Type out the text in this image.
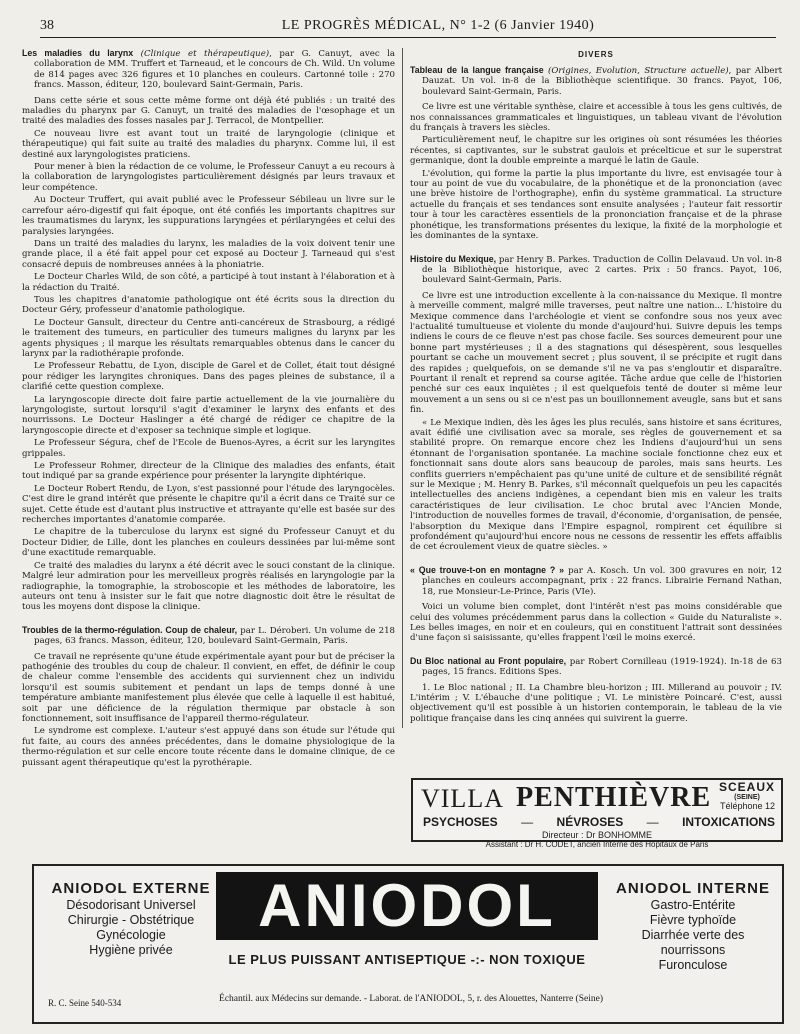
38	LE PROGRÈS MÉDICAL, N° 1-2 (6 Janvier 1940)
Les maladies du larynx (Clinique et thérapeutique), par G. Canuyt, avec la collaboration de MM. Truffert et Tarneaud, et le concours de Ch. Wild. Un volume de 814 pages avec 326 figures et 10 planches en couleurs. Cartonné toile : 270 francs. Masson, éditeur, 120, boulevard Saint-Germain, Paris.

Dans cette série et sous cette même forme ont déjà été publiés : un traité des maladies du pharynx par G. Canuyt, un traité des maladies de l'œsophage et un traité des maladies des fosses nasales par J. Terracol, de Montpellier.

Ce nouveau livre est avant tout un traité de laryngologie (clinique et thérapeutique) qui fait suite au traité des maladies du pharynx. Comme lui, il est destiné aux laryngologistes praticiens.

Pour mener à bien la rédaction de ce volume, le Professeur Canuyt a eu recours à la collaboration de laryngologistes particulièrement désignés par leurs travaux et leur compétence.

Au Docteur Truffert, qui avait publié avec le Professeur Sébileau un livre sur le carrefour aéro-digestif qui fait époque, ont été confiés les importants chapitres sur les traumatismes du larynx, les suppurations laryngées et périlaryngées et celui des paralysies laryngées.

Dans un traité des maladies du larynx, les maladies de la voix doivent tenir une grande place, il a été fait appel pour cet exposé au Docteur J. Tarneaud qui s'est consacré depuis de nombreuses années à la phoniatrie.

Le Docteur Charles Wild, de son côté, a participé à tout instant à l'élaboration et à la rédaction du Traité.

Tous les chapitres d'anatomie pathologique ont été écrits sous la direction du Docteur Géry, professeur d'anatomie pathologique.

Le Docteur Gansult, directeur du Centre anti-cancéreux de Strasbourg, a rédigé le traitement des tumeurs, en particulier des tumeurs malignes du larynx par les agents physiques ; il marque les résultats remarquables obtenus dans le cancer du larynx par la radiothérapie profonde.

Le Professeur Rebattu, de Lyon, disciple de Garel et de Collet, était tout désigné pour rédiger les laryngites chroniques. Dans des pages pleines de substance, il a clarifié cette question complexe.

La laryngoscopie directe doit faire partie actuellement de la vie journalière du laryngologiste, surtout lorsqu'il s'agit d'examiner le larynx des enfants et des nourrissons. Le Docteur Haslinger a été chargé de rédiger ce chapitre de la laryngoscopie directe et d'exposer sa technique simple et logique.

Le Professeur Ségura, chef de l'Ecole de Buenos-Ayres, a écrit sur les laryngites grippales.

Le Professeur Rohmer, directeur de la Clinique des maladies des enfants, était tout indiqué par sa grande expérience pour présenter la laryngite diphtérique.

Le Docteur Robert Rendu, de Lyon, s'est passionné pour l'étude des laryngocèles. C'est dire le grand intérêt que présente le chapitre qu'il a écrit dans ce Traité sur ce sujet. Cette étude est d'autant plus instructive et attrayante qu'elle est basée sur des recherches importantes d'anatomie comparée.

Le chapitre de la tuberculose du larynx est signé du Professeur Canuyt et du Docteur Didier, de Lille, dont les planches en couleurs dessinées par lui-même sont d'une exactitude remarquable.

Ce traité des maladies du larynx a été décrit avec le souci constant de la clinique. Malgré leur admiration pour les merveilleux progrès réalisés en laryngologie par la radiographie, la tomographie, la stroboscopie et les méthodes de laboratoire, les auteurs ont tenu à insister sur le fait que notre diagnostic doit être le résultat de tous les moyens dont dispose la clinique.

Troubles de la thermo-régulation. Coup de chaleur, par L. Déroberi. Un volume de 218 pages, 63 francs. Masson, éditeur, 120, boulevard Saint-Germain, Paris.

Ce travail ne représente qu'une étude expérimentale ayant pour but de préciser la pathogénie des troubles du coup de chaleur. Il convient, en effet, de définir le coup de chaleur comme l'ensemble des accidents qui surviennent chez un individu lorsqu'il est soumis subitement et pendant un laps de temps donné à une température ambiante manifestement plus élevée que celle à laquelle il est habitué, soit par une déficience de la régulation thermique par obstacle à son fonctionnement, soit insuffisance de l'appareil thermo-régulateur.

Le syndrome est complexe. L'auteur s'est appuyé dans son étude sur l'étude qui fut faite, au cours des années précédentes, dans le domaine physiologique de la thermo-régulation et sur celle encore toute récente dans le domaine clinique, de ce puissant agent thérapeutique qu'est la pyrothérapie.

DIVERS
Tableau de la langue française (Origines, Evolution, Structure actuelle), par Albert Dauzat. Un vol. in-8 de la Bibliothèque scientifique. 30 francs. Payot, 106, boulevard Saint-Germain, Paris.

Ce livre est une véritable synthèse, claire et accessible à tous les gens cultivés, de nos connaissances grammaticales et linguistiques, un tableau vivant de l'évolution du français à travers les siècles.

Particulièrement neuf, le chapitre sur les origines où sont résumées les théories récentes, si captivantes, sur le substrat gaulois et précelticue et sur le superstrat germanique, dont la double empreinte a marqué le latin de Gaule.

L'évolution, qui forme la partie la plus importante du livre, est envisagée tour à tour au point de vue du vocabulaire, de la phonétique et de la prononciation (avec une brève histoire de l'orthographe), enfin du système grammatical. La structure actuelle du français et ses tendances sont ensuite analysées ; l'auteur fait ressortir tour à tour les caractères essentiels de la prononciation française et de la phrase phonétique, les transformations présentes du lexique, la fixité de la morphologie et les dominantes de la syntaxe.

Histoire du Mexique, par Henry B. Parkes. Traduction de Collin Delavaud. Un vol. in-8 de la Bibliothèque historique, avec 2 cartes. Prix : 50 francs. Payot, 106, boulevard Saint-Germain, Paris.

Ce livre est une introduction excellente à la con-naissance du Mexique. Il montre à merveille comment, malgré mille traverses, peut naître une nation... L'histoire du Mexique commence dans l'archéologie et vient se confondre sous nos yeux avec l'actualité tumultueuse et violente du monde d'aujourd'hui. Suivre depuis les temps indiens le cours de ce fleuve n'est pas chose facile. Ses sources demeurent pour une bonne part mystérieuses ; il a des stagnations qui désespèrent, sous lesquelles pourtant se cache un mouvement secret ; plus souvent, il se précipite et rugit dans des rapides ; quelquefois, on se demande s'il ne va pas s'engloutir et disparaître. Pourtant il renaît et reprend sa course agitée. Tâche ardue que celle de l'historien penché sur ces eaux inquiètes ; il est quelquefois tenté de douter si même leur mouvement a un sens ou si ce n'est pas un bouillonnement aveugle, sans but et sans fin.

« Le Mexique indien, dès les âges les plus reculés, sans histoire et sans écritures, avait édifié une civilisation avec sa morale, ses règles de gouvernement et sa stabilité propre. On remarque encore chez les Indiens d'aujourd'hui un sens étonnant de l'organisation spontanée. La machine sociale fonctionne chez eux et fonctionnait sans doute alors sans beaucoup de paroles, mais sans heurts. Les conflits guerriers n'empêchaient pas qu'une unité de culture et de sensibilité régnât sur le Mexique ; M. Henry B. Parkes, s'il méconnaît quelquefois un peu les capacités intellectuelles des anciens indigènes, a cependant bien mis en valeur les traits caractéristiques de leur civilisation. Le choc brutal avec l'Ancien Monde, l'introduction de nouvelles formes de travail, d'économie, d'organisation, de pensée, l'absorption du Mexique dans l'Empire espagnol, rompirent cet équilibre si profondément qu'aujourd'hui encore nous ne cessons de ressentir les effets affaiblis de cet écroulement vieux de quatre siècles. »

« Que trouve-t-on en montagne ? » par A. Kosch. Un vol. 300 gravures en noir, 12 planches en couleurs accompagnant, prix : 22 francs. Librairie Fernand Nathan, 18, rue Monsieur-Le-Prince, Paris (VIe).

Voici un volume bien complet, dont l'intérêt n'est pas moins considérable que celui des volumes précédemment parus dans la collection « Guide du Naturaliste ». Les belles images, en noir et en couleurs, qui en constituent l'attrait sont dessinées d'une façon si saisissante, qu'elles frappent l'œil le moins exercé.

Du Bloc national au Front populaire, par Robert Cornilleau (1919-1924). In-18 de 63 pages, 15 francs. Editions Spes.

1. Le Bloc national ; II. La Chambre bleu-horizon ; III. Millerand au pouvoir ; IV. L'intérim ; V. L'ébauche d'une politique ; VI. Le ministère Poincaré. C'est, aussi objectivement qu'il est possible à un historien contemporain, le tableau de la vie politique française dans les cinq années qui suivirent la guerre.

VILLA PENTHIÈVRE SCEAUX
(SEINE)
Téléphone 12
PSYCHOSES — NÉVROSES — INTOXICATIONS
Directeur : Dr BONHOMME
Assistant : Dr H. CODET, ancien Interne des Hôpitaux de Paris
ANIODOL EXTERNE
Désodorisant Universel
Chirurgie - Obstétrique
Gynécologie
Hygiène privée
ANIODOL
LE PLUS PUISSANT ANTISEPTIQUE -:- NON TOXIQUE
ANIODOL INTERNE
Gastro-Entérite
Fièvre typhoïde
Diarrhée verte des nourrissons
Furonculose
Échantil. aux Médecins sur demande. - Laborat. de l'ANIODOL, 5, r. des Alouettes, Nanterre (Seine)
R. C. Seine 540-534
